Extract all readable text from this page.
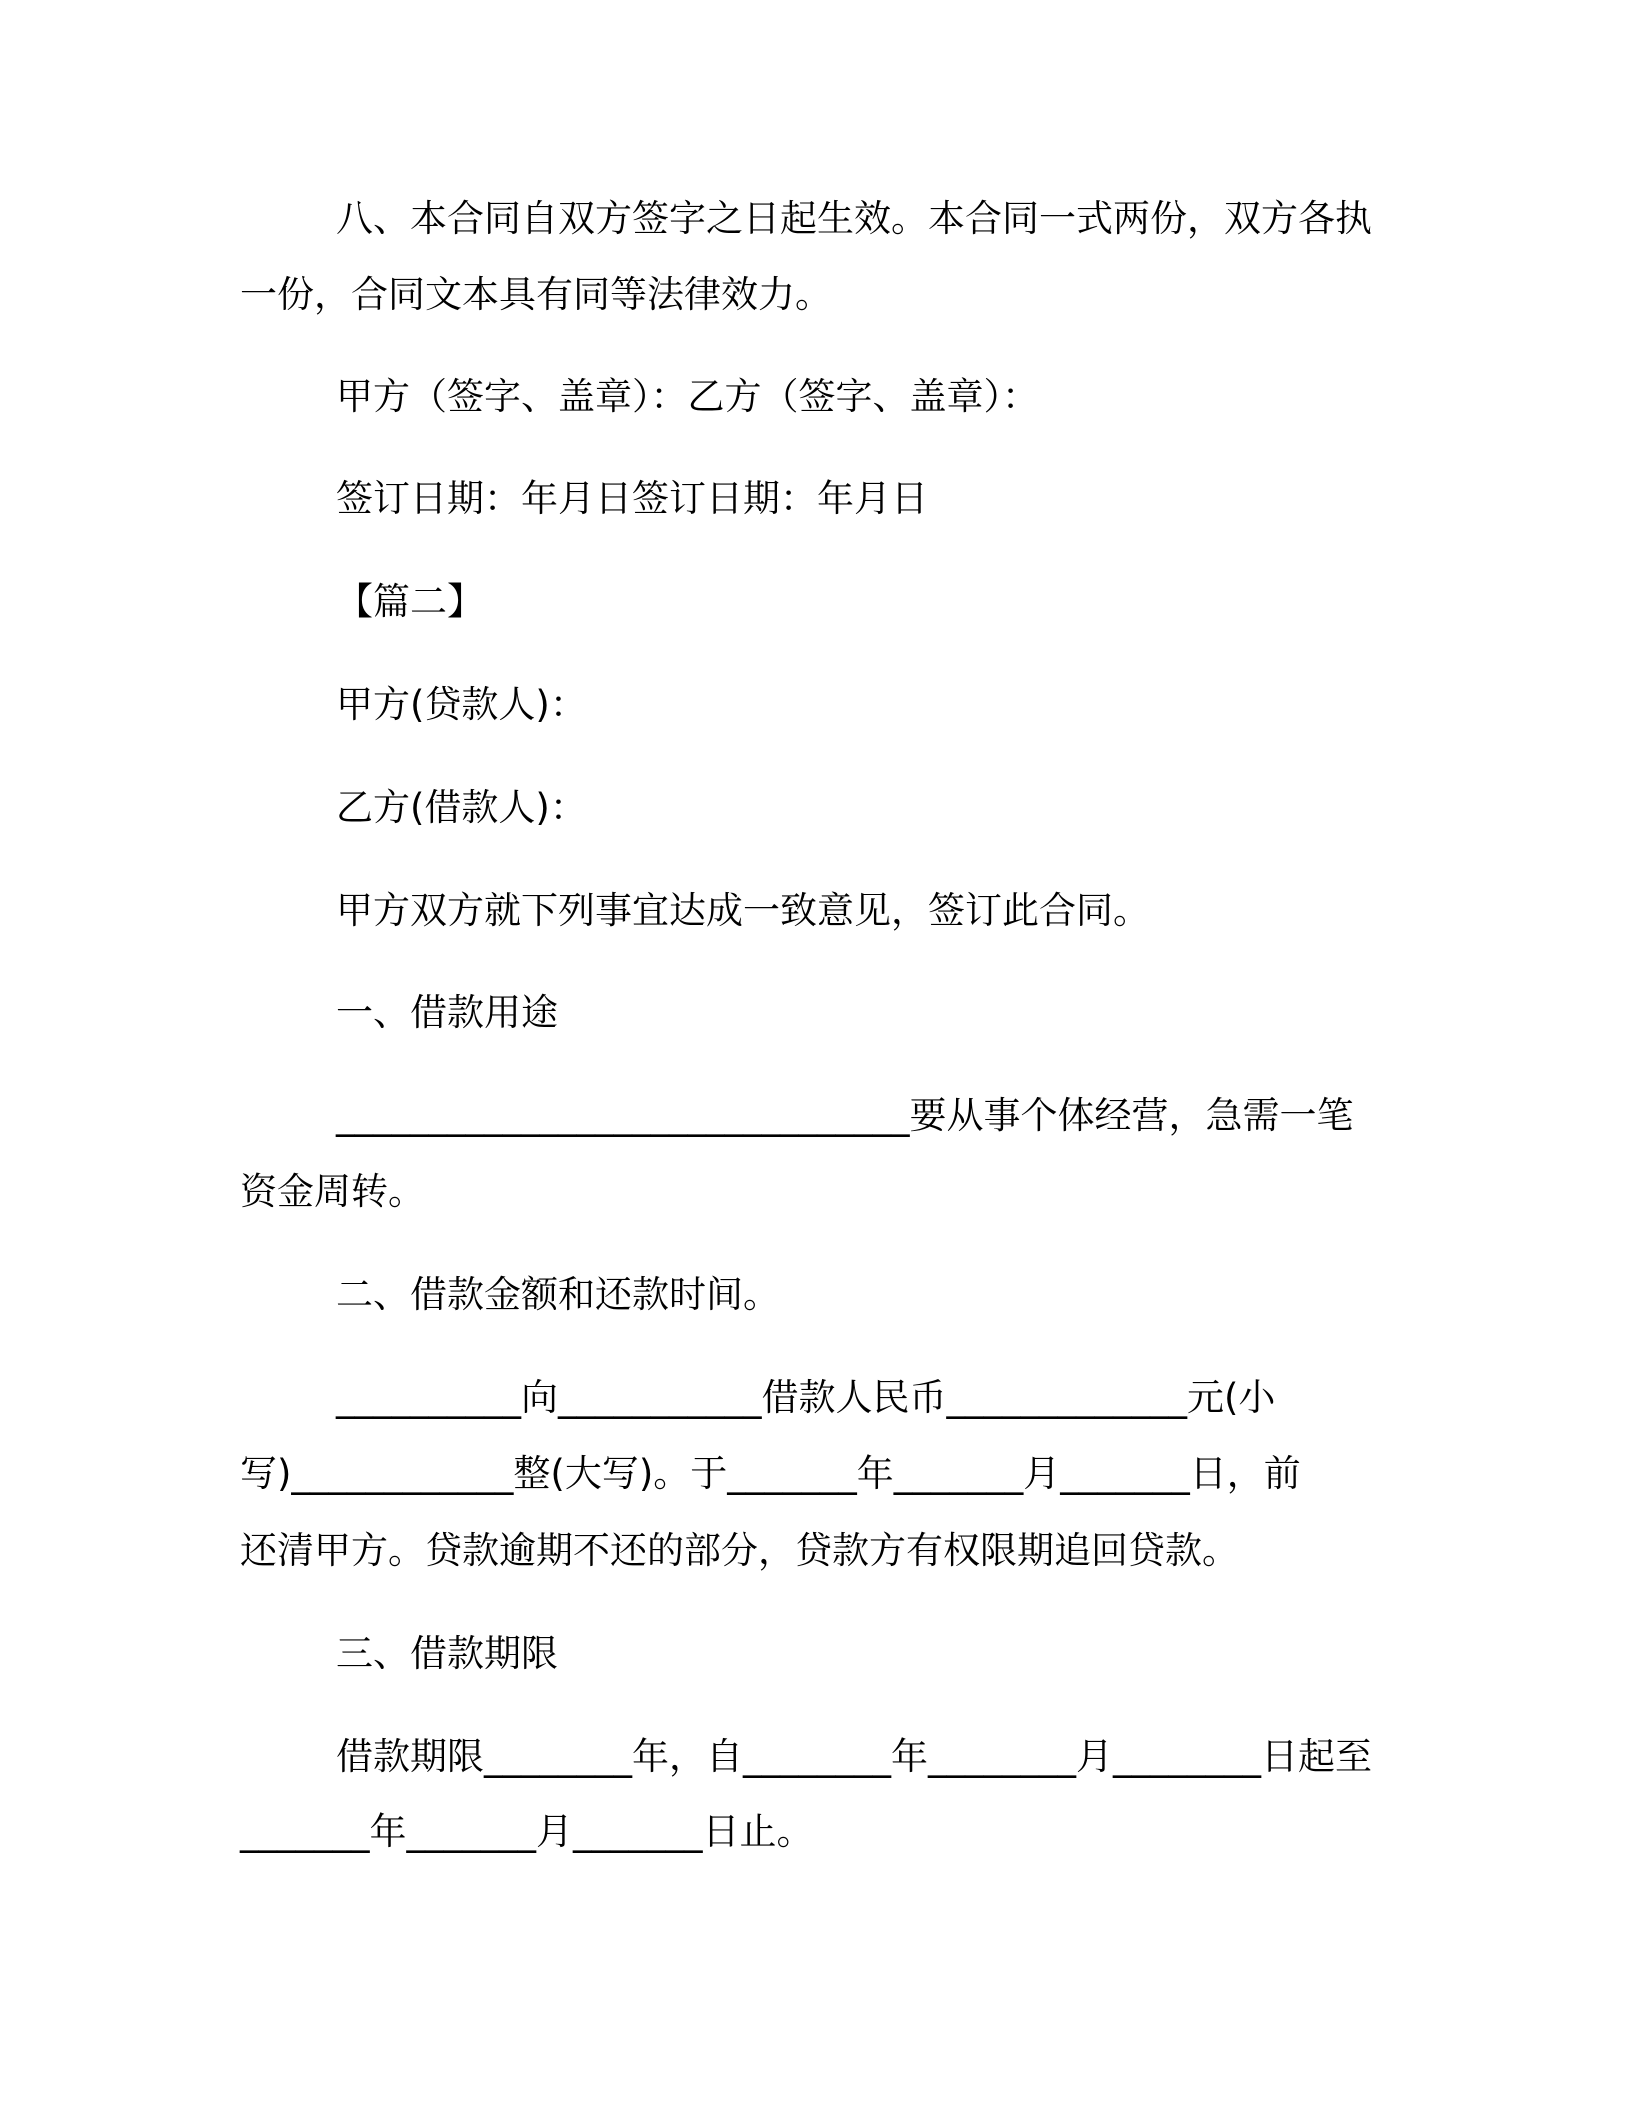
八、本合同自双方签字之日起生效。本合同一式两份，双方各执
一份，合同文本具有同等法律效力。
甲方（签字、盖章）：乙方（签字、盖章）：
签订日期：年月日签订日期：年月日
【篇二】
甲方(贷款人)：
乙方(借款人)：
甲方双方就下列事宜达成一致意见，签订此合同。
一、借款用途
_______________________________要从事个体经营，急需一笔
资金周转。
二、借款金额和还款时间。
__________向___________借款人民币_____________元(小
写)____________整(大写)。于_______年_______月_______日，前
还清甲方。贷款逾期不还的部分，贷款方有权限期追回贷款。
三、借款期限
借款期限________年，自________年________月________日起至
_______年_______月_______日止。
